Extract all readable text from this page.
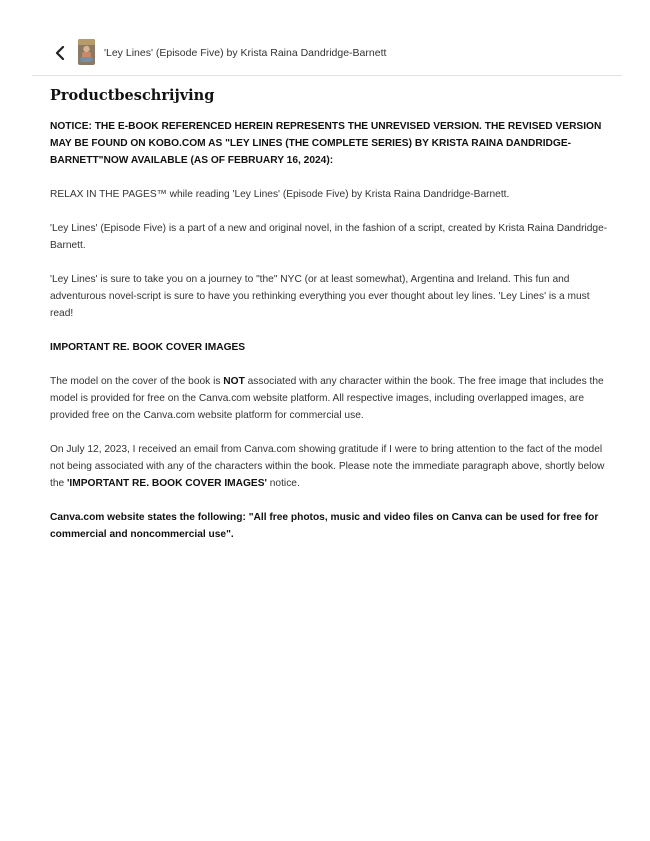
'Ley Lines' (Episode Five) by Krista Raina Dandridge-Barnett
Productbeschrijving

NOTICE: THE E-BOOK REFERENCED HEREIN REPRESENTS THE UNREVISED VERSION. THE REVISED VERSION MAY BE FOUND ON KOBO.COM AS "LEY LINES (THE COMPLETE SERIES) BY KRISTA RAINA DANDRIDGE-BARNETT"NOW AVAILABLE (AS OF FEBRUARY 16, 2024):

RELAX IN THE PAGES™ while reading 'Ley Lines' (Episode Five) by Krista Raina Dandridge-Barnett.

'Ley Lines' (Episode Five) is a part of a new and original novel, in the fashion of a script, created by Krista Raina Dandridge-Barnett.

'Ley Lines' is sure to take you on a journey to "the" NYC (or at least somewhat), Argentina and Ireland. This fun and adventurous novel-script is sure to have you rethinking everything you ever thought about ley lines. 'Ley Lines' is a must read!

IMPORTANT RE. BOOK COVER IMAGES

The model on the cover of the book is NOT associated with any character within the book. The free image that includes the model is provided for free on the Canva.com website platform. All respective images, including overlapped images, are provided free on the Canva.com website platform for commercial use.

On July 12, 2023, I received an email from Canva.com showing gratitude if I were to bring attention to the fact of the model not being associated with any of the characters within the book. Please note the immediate paragraph above, shortly below the 'IMPORTANT RE. BOOK COVER IMAGES' notice.

Canva.com website states the following: "All free photos, music and video files on Canva can be used for free for commercial and noncommercial use".
